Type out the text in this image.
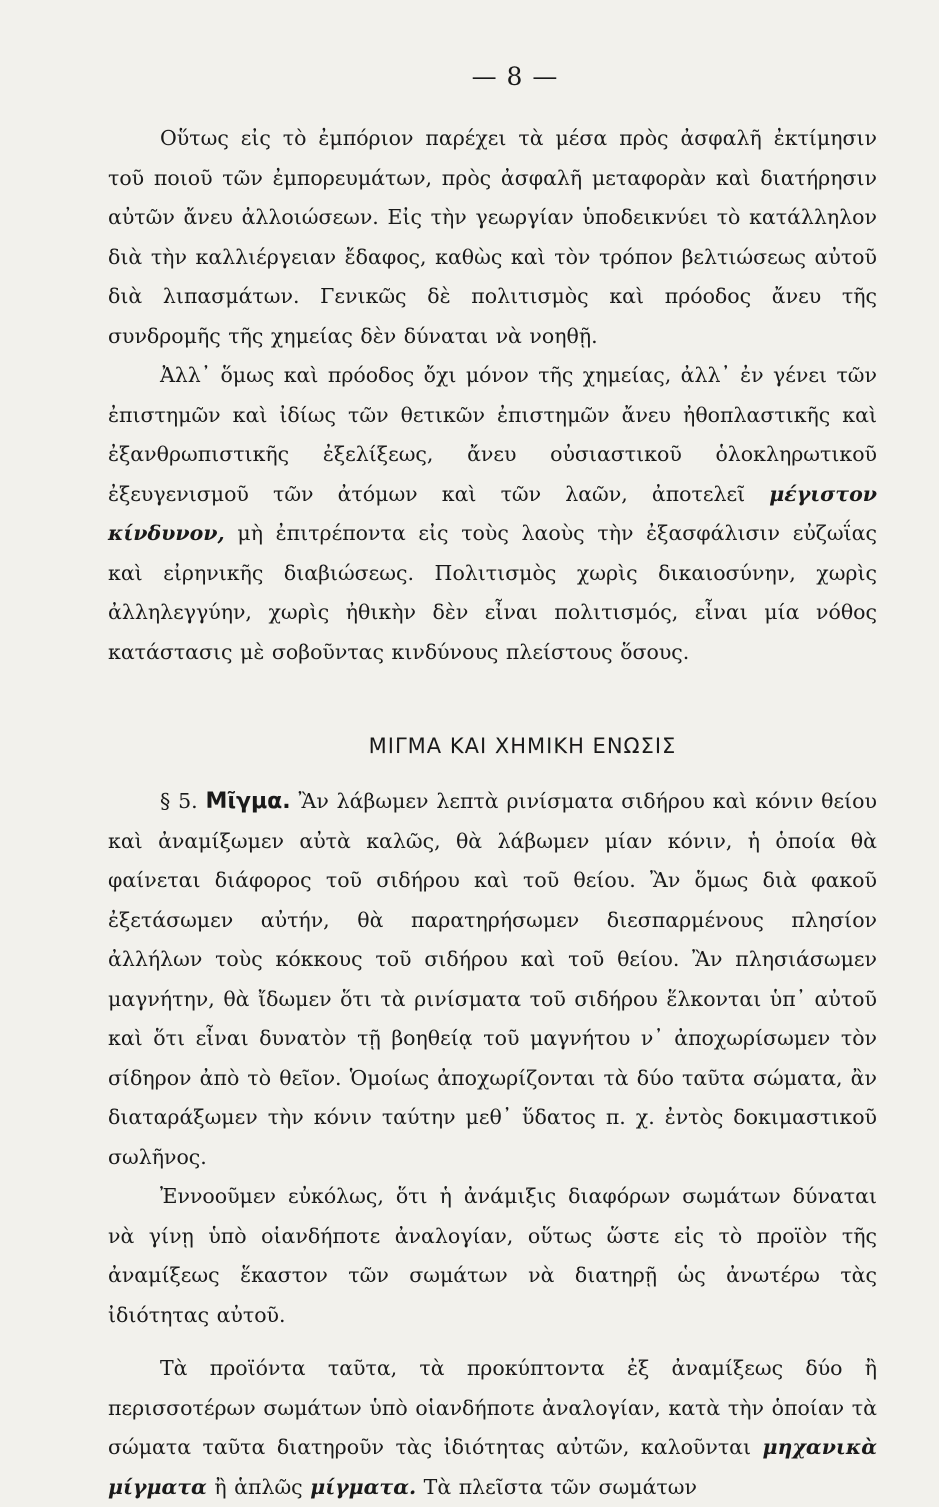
— 8 —

Οὕτως εἰς τὸ ἐμπόριον παρέχει τὰ μέσα πρὸς ἀσφαλῆ ἐκτίμησιν τοῦ ποιοῦ τῶν ἐμπορευμάτων, πρὸς ἀσφαλῆ μεταφορὰν καὶ διατήρησιν αὐτῶν ἄνευ ἀλλοιώσεων. Εἰς τὴν γεωργίαν ὑποδεικνύει τὸ κατάλληλον διὰ τὴν καλλιέργειαν ἔδαφος, καθὼς καὶ τὸν τρόπον βελτιώσεως αὐτοῦ διὰ λιπασμάτων. Γενικῶς δὲ πολιτισμὸς καὶ πρόοδος ἄνευ τῆς συνδρομῆς τῆς χημείας δὲν δύναται νὰ νοηθῇ.

Ἀλλ᾽ ὅμως καὶ πρόοδος ὄχι μόνον τῆς χημείας, ἀλλ᾽ ἐν γένει τῶν ἐπιστημῶν καὶ ἰδίως τῶν θετικῶν ἐπιστημῶν ἄνευ ἠθοπλαστικῆς καὶ ἐξανθρωπιστικῆς ἐξελίξεως, ἄνευ οὐσιαστικοῦ ὁλοκληρωτικοῦ ἐξευγενισμοῦ τῶν ἀτόμων καὶ τῶν λαῶν, ἀποτελεῖ μέγιστον κίνδυνον, μὴ ἐπιτρέποντα εἰς τοὺς λαοὺς τὴν ἐξασφάλισιν εὐζωΐας καὶ εἰρηνικῆς διαβιώσεως. Πολιτισμὸς χωρὶς δικαιοσύνην, χωρὶς ἀλληλεγγύην, χωρὶς ἠθικὴν δὲν εἶναι πολιτισμός, εἶναι μία νόθος κατάστασις μὲ σοβοῦντας κινδύνους πλείστους ὅσους.

ΜΙΓΜΑ ΚΑΙ ΧΗΜΙΚΗ ΕΝΩΣΙΣ

§ 5. Μῖγμα. Ἂν λάβωμεν λεπτὰ ρινίσματα σιδήρου καὶ κόνιν θείου καὶ ἀναμίξωμεν αὐτὰ καλῶς, θὰ λάβωμεν μίαν κόνιν, ἡ ὁποία θὰ φαίνεται διάφορος τοῦ σιδήρου καὶ τοῦ θείου. Ἂν ὅμως διὰ φακοῦ ἐξετάσωμεν αὐτήν, θὰ παρατηρήσωμεν διεσπαρμένους πλησίον ἀλλήλων τοὺς κόκκους τοῦ σιδήρου καὶ τοῦ θείου. Ἂν πλησιάσωμεν μαγνήτην, θὰ ἴδωμεν ὅτι τὰ ρινίσματα τοῦ σιδήρου ἕλκονται ὑπ᾽ αὐτοῦ καὶ ὅτι εἶναι δυνατὸν τῇ βοηθείᾳ τοῦ μαγνήτου ν᾽ ἀποχωρίσωμεν τὸν σίδηρον ἀπὸ τὸ θεῖον. Ὁμοίως ἀποχωρίζονται τὰ δύο ταῦτα σώματα, ἂν διαταράξωμεν τὴν κόνιν ταύτην μεθ᾽ ὕδατος π. χ. ἐντὸς δοκιμαστικοῦ σωλῆνος.

Ἐννοοῦμεν εὐκόλως, ὅτι ἡ ἀνάμιξις διαφόρων σωμάτων δύναται νὰ γίνῃ ὑπὸ οἱανδήποτε ἀναλογίαν, οὕτως ὥστε εἰς τὸ προϊὸν τῆς ἀναμίξεως ἕκαστον τῶν σωμάτων νὰ διατηρῇ ὡς ἀνωτέρω τὰς ἰδιότητας αὐτοῦ.

Τὰ προϊόντα ταῦτα, τὰ προκύπτοντα ἐξ ἀναμίξεως δύο ἢ περισσοτέρων σωμάτων ὑπὸ οἱανδήποτε ἀναλογίαν, κατὰ τὴν ὁποίαν τὰ σώματα ταῦτα διατηροῦν τὰς ἰδιότητας αὐτῶν, καλοῦνται μηχανικὰ μίγματα ἢ ἁπλῶς μίγματα. Τὰ πλεῖστα τῶν σωμάτων
